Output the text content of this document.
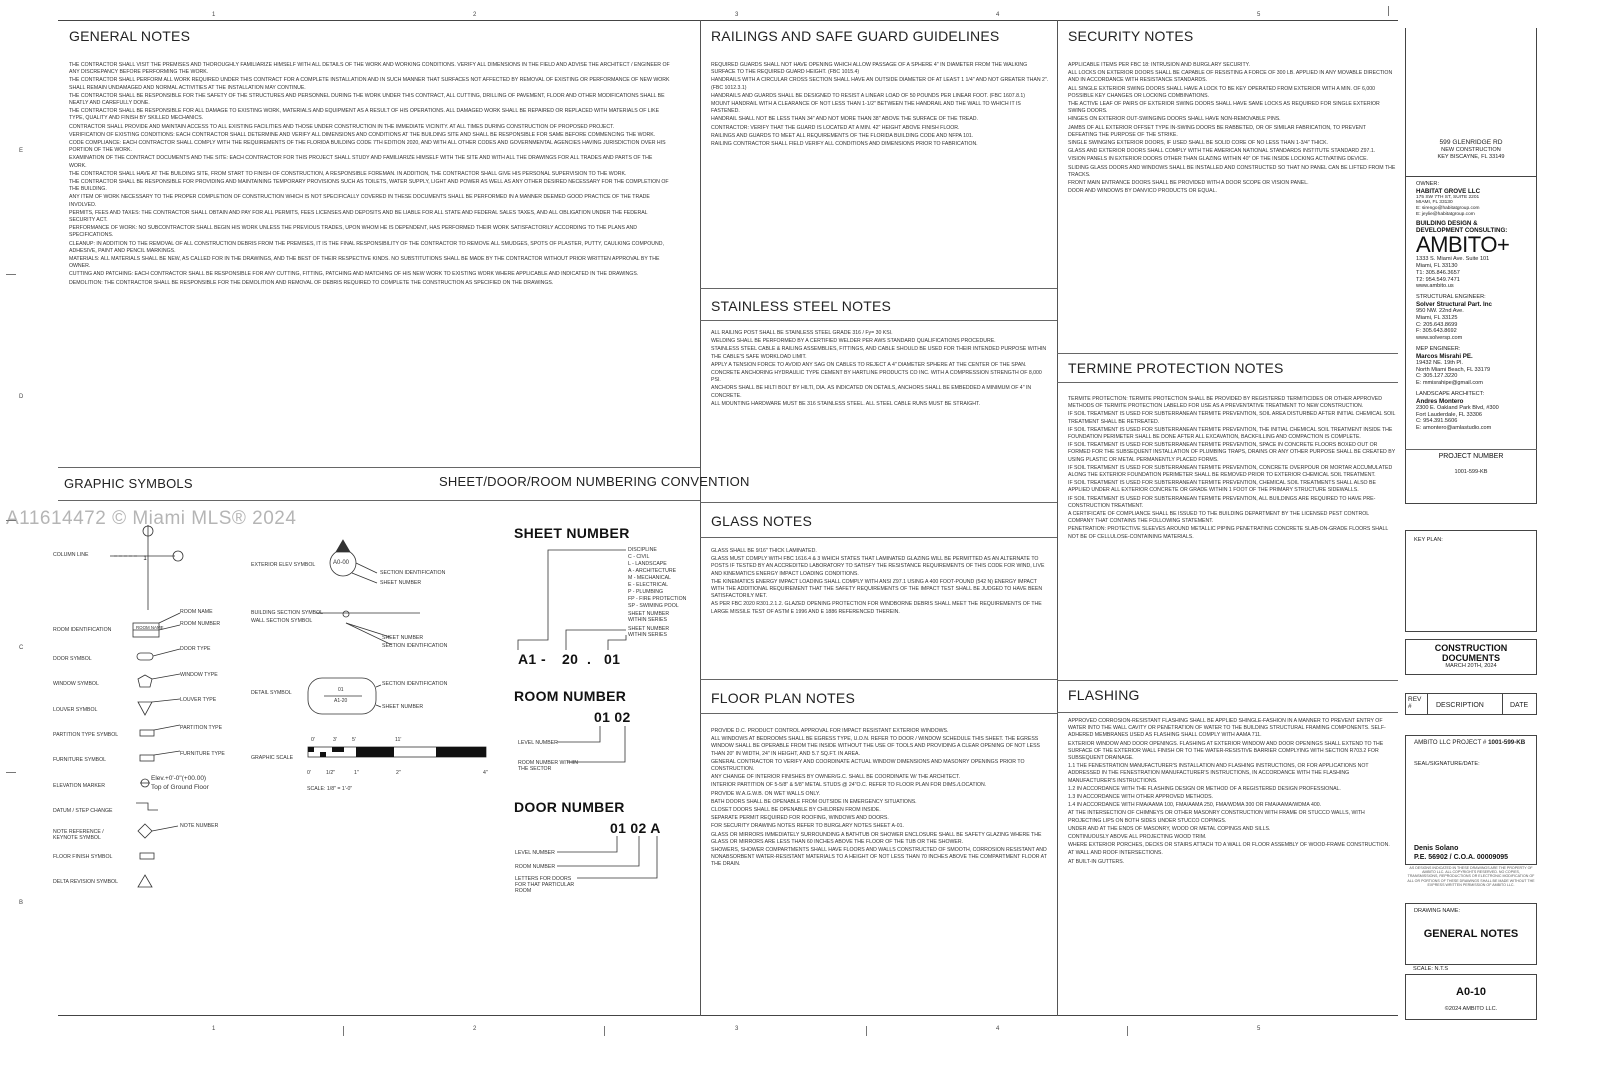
1	2	3	4	5
1	2	3	4	5
E
D
C
B
GENERAL NOTES	RAILINGS AND SAFE GUARD GUIDELINES	SECURITY NOTES
STAINLESS STEEL NOTES
TERMINE PROTECTION NOTES
GLASS NOTES
FLOOR PLAN NOTES	FLASHING
GRAPHIC SYMBOLS	SHEET/DOOR/ROOM NUMBERING CONVENTION

THE CONTRACTOR SHALL VISIT THE PREMISES AND THOROUGHLY FAMILIARIZE HIMSELF WITH ALL DETAILS OF THE WORK AND WORKING CONDITIONS. VERIFY ALL DIMENSIONS IN THE FIELD AND ADVISE THE ARCHITECT / ENGINEER OF ANY DISCREPANCY BEFORE PERFORMING THE WORK.

THE CONTRACTOR SHALL PERFORM ALL WORK REQUIRED UNDER THIS CONTRACT FOR A COMPLETE INSTALLATION AND IN SUCH MANNER THAT SURFACES NOT AFFECTED BY REMOVAL OF EXISTING OR PERFORMANCE OF NEW WORK SHALL REMAIN UNDAMAGED AND NORMAL ACTIVITIES AT THE INSTALLATION MAY CONTINUE.

THE CONTRACTOR SHALL BE RESPONSIBLE FOR THE SAFETY OF THE STRUCTURES AND PERSONNEL DURING THE WORK UNDER THIS CONTRACT, ALL CUTTING, DRILLING OF PAVEMENT, FLOOR AND OTHER MODIFICATIONS SHALL BE NEATLY AND CAREFULLY DONE.

THE CONTRACTOR SHALL BE RESPONSIBLE FOR ALL DAMAGE TO EXISTING WORK, MATERIALS AND EQUIPMENT AS A RESULT OF HIS OPERATIONS. ALL DAMAGED WORK SHALL BE REPAIRED OR REPLACED WITH MATERIALS OF LIKE TYPE, QUALITY AND FINISH BY SKILLED MECHANICS.

CONTRACTOR SHALL PROVIDE AND MAINTAIN ACCESS TO ALL EXISTING FACILITIES AND THOSE UNDER CONSTRUCTION IN THE IMMEDIATE VICINITY. AT ALL TIMES DURING CONSTRUCTION OF PROPOSED PROJECT.

VERIFICATION OF EXISTING CONDITIONS: EACH CONTRACTOR SHALL DETERMINE AND VERIFY ALL DIMENSIONS AND CONDITIONS AT THE BUILDING SITE AND SHALL BE RESPONSIBLE FOR SAME BEFORE COMMENCING THE WORK.

CODE COMPLIANCE: EACH CONTRACTOR SHALL COMPLY WITH THE REQUIREMENTS OF THE FLORIDA BUILDING CODE 7TH EDITION 2020, AND WITH ALL OTHER CODES AND GOVERNMENTAL AGENCIES HAVING JURISDICTION OVER HIS PORTION OF THE WORK.

EXAMINATION OF THE CONTRACT DOCUMENTS AND THE SITE: EACH CONTRACTOR FOR THIS PROJECT SHALL STUDY AND FAMILIARIZE HIMSELF WITH THE SITE AND WITH ALL THE DRAWINGS FOR ALL TRADES AND PARTS OF THE WORK.

THE CONTRACTOR SHALL HAVE AT THE BUILDING SITE, FROM START TO FINISH OF CONSTRUCTION, A RESPONSIBLE FOREMAN. IN ADDITION, THE CONTRACTOR SHALL GIVE HIS PERSONAL SUPERVISION TO THE WORK.

THE CONTRACTOR SHALL BE RESPONSIBLE FOR PROVIDING AND MAINTAINING TEMPORARY PROVISIONS SUCH AS TOILETS, WATER SUPPLY, LIGHT AND POWER AS WELL AS ANY OTHER DESIRED NECESSARY FOR THE COMPLETION OF THE BUILDING.

ANY ITEM OF WORK NECESSARY TO THE PROPER COMPLETION OF CONSTRUCTION WHICH IS NOT SPECIFICALLY COVERED IN THESE DOCUMENTS SHALL BE PERFORMED IN A MANNER DEEMED GOOD PRACTICE OF THE TRADE INVOLVED.

PERMITS, FEES AND TAXES: THE CONTRACTOR SHALL OBTAIN AND PAY FOR ALL PERMITS, FEES LICENSES AND DEPOSITS AND BE LIABLE FOR ALL STATE AND FEDERAL SALES TAXES, AND ALL OBLIGATION UNDER THE FEDERAL SECURITY ACT.

PERFORMANCE OF WORK: NO SUBCONTRACTOR SHALL BEGIN HIS WORK UNLESS THE PREVIOUS TRADES, UPON WHOM HE IS DEPENDENT, HAS PERFORMED THEIR WORK SATISFACTORILY ACCORDING TO THE PLANS AND SPECIFICATIONS.

CLEANUP: IN ADDITION TO THE REMOVAL OF ALL CONSTRUCTION DEBRIS FROM THE PREMISES, IT IS THE FINAL RESPONSIBILITY OF THE CONTRACTOR TO REMOVE ALL SMUDGES, SPOTS OF PLASTER, PUTTY, CAULKING COMPOUND, ADHESIVE, PAINT AND PENCIL MARKINGS.

MATERIALS: ALL MATERIALS SHALL BE NEW, AS CALLED FOR IN THE DRAWINGS, AND THE BEST OF THEIR RESPECTIVE KINDS. NO SUBSTITUTIONS SHALL BE MADE BY THE CONTRACTOR WITHOUT PRIOR WRITTEN APPROVAL BY THE OWNER.

CUTTING AND PATCHING: EACH CONTRACTOR SHALL BE RESPONSIBLE FOR ANY CUTTING, FITTING, PATCHING AND MATCHING OF HIS NEW WORK TO EXISTING WORK WHERE APPLICABLE AND INDICATED IN THE DRAWINGS.

DEMOLITION: THE CONTRACTOR SHALL BE RESPONSIBLE FOR THE DEMOLITION AND REMOVAL OF DEBRIS REQUIRED TO COMPLETE THE CONSTRUCTION AS SPECIFIED ON THE DRAWINGS.

REQUIRED GUARDS SHALL NOT HAVE OPENING WHICH ALLOW PASSAGE OF A SPHERE 4" IN DIAMETER FROM THE WALKING SURFACE TO THE REQUIRED GUARD HEIGHT. (FBC 1015.4)

HANDRAILS WITH A CIRCULAR CROSS SECTION SHALL HAVE AN OUTSIDE DIAMETER OF AT LEAST 1 1/4" AND NOT GREATER THAN 2". (FBC 1012.3.1)

HANDRAILS AND GUARDS SHALL BE DESIGNED TO RESIST A LINEAR LOAD OF 50 POUNDS PER LINEAR FOOT. (FBC 1607.8.1)

MOUNT HANDRAIL WITH A CLEARANCE OF NOT LESS THAN 1-1/2" BETWEEN THE HANDRAIL AND THE WALL TO WHICH IT IS FASTENED.

HANDRAIL SHALL NOT BE LESS THAN 34" AND NOT MORE THAN 38" ABOVE THE SURFACE OF THE TREAD.

CONTRACTOR: VERIFY THAT THE GUARD IS LOCATED AT A MIN. 42" HEIGHT ABOVE FINISH FLOOR.

RAILINGS AND GUARDS TO MEET ALL REQUIREMENTS OF THE FLORIDA BUILDING CODE AND NFPA 101.

RAILING CONTRACTOR SHALL FIELD VERIFY ALL CONDITIONS AND DIMENSIONS PRIOR TO FABRICATION.

APPLICABLE ITEMS PER FBC 18: INTRUSION AND BURGLARY SECURITY.

ALL LOCKS ON EXTERIOR DOORS SHALL BE CAPABLE OF RESISTING A FORCE OF 300 LB. APPLIED IN ANY MOVABLE DIRECTION AND IN ACCORDANCE WITH RESISTANCE STANDARDS.

ALL SINGLE EXTERIOR SWING DOORS SHALL HAVE A LOCK TO BE KEY OPERATED FROM EXTERIOR WITH A MIN. OF 6,000 POSSIBLE KEY CHANGES OR LOCKING COMBINATIONS.

THE ACTIVE LEAF OF PAIRS OF EXTERIOR SWING DOORS SHALL HAVE SAME LOCKS AS REQUIRED FOR SINGLE EXTERIOR SWING DOORS.

HINGES ON EXTERIOR OUT-SWINGING DOORS SHALL HAVE NON-REMOVABLE PINS.

JAMBS OF ALL EXTERIOR OFFSET TYPE IN-SWING DOORS BE RABBETED, OR OF SIMILAR FABRICATION, TO PREVENT DEFEATING THE PURPOSE OF THE STRIKE.

SINGLE SWINGING EXTERIOR DOORS, IF USED SHALL BE SOLID CORE OF NO LESS THAN 1-3/4" THICK.

GLASS AND EXTERIOR DOORS SHALL COMPLY WITH THE AMERICAN NATIONAL STANDARDS INSTITUTE STANDARD Z97.1.

VISION PANELS IN EXTERIOR DOORS OTHER THAN GLAZING WITHIN 40" OF THE INSIDE LOCKING ACTIVATING DEVICE.

SLIDING GLASS DOORS AND WINDOWS SHALL BE INSTALLED AND CONSTRUCTED SO THAT NO PANEL CAN BE LIFTED FROM THE TRACKS.

FRONT MAIN ENTRANCE DOORS SHALL BE PROVIDED WITH A DOOR SCOPE OR VISION PANEL.

DOOR AND WINDOWS BY DANVICO PRODUCTS OR EQUAL.

ALL RAILING POST SHALL BE STAINLESS STEEL GRADE 316 / Fy= 30 KSI.

WELDING SHALL BE PERFORMED BY A CERTIFIED WELDER PER AWS STANDARD QUALIFICATIONS PROCEDURE.

STAINLESS STEEL CABLE & RAILING ASSEMBLIES, FITTINGS, AND CABLE SHOULD BE USED FOR THEIR INTENDED PURPOSE WITHIN THE CABLE'S SAFE WORKLOAD LIMIT.

APPLY A TENSION FORCE TO AVOID ANY SAG ON CABLES TO REJECT A 4" DIAMETER SPHERE AT THE CENTER OF THE SPAN.

CONCRETE ANCHORING HYDRAULIC TYPE CEMENT BY HARTLINE PRODUCTS CO INC. WITH A COMPRESSION STRENGTH OF 8,000 PSI.

ANCHORS SHALL BE HILTI BOLT BY HILTI, DIA. AS INDICATED ON DETAILS, ANCHORS SHALL BE EMBEDDED A MINIMUM OF 4" IN CONCRETE.

ALL MOUNTING HARDWARE MUST BE 316 STAINLESS STEEL. ALL STEEL CABLE RUNS MUST BE STRAIGHT.

TERMITE PROTECTION: TERMITE PROTECTION SHALL BE PROVIDED BY REGISTERED TERMITICIDES OR OTHER APPROVED METHODS OF TERMITE PROTECTION LABELED FOR USE AS A PREVENTATIVE TREATMENT TO NEW CONSTRUCTION.

IF SOIL TREATMENT IS USED FOR SUBTERRANEAN TERMITE PREVENTION, SOIL AREA DISTURBED AFTER INITIAL CHEMICAL SOIL TREATMENT SHALL BE RETREATED.

IF SOIL TREATMENT IS USED FOR SUBTERRANEAN TERMITE PREVENTION, THE INITIAL CHEMICAL SOIL TREATMENT INSIDE THE FOUNDATION PERIMETER SHALL BE DONE AFTER ALL EXCAVATION, BACKFILLING AND COMPACTION IS COMPLETE.

IF SOIL TREATMENT IS USED FOR SUBTERRANEAN TERMITE PREVENTION, SPACE IN CONCRETE FLOORS BOXED OUT OR FORMED FOR THE SUBSEQUENT INSTALLATION OF PLUMBING TRAPS, DRAINS OR ANY OTHER PURPOSE SHALL BE CREATED BY USING PLASTIC OR METAL PERMANENTLY PLACED FORMS.

IF SOIL TREATMENT IS USED FOR SUBTERRANEAN TERMITE PREVENTION, CONCRETE OVERPOUR OR MORTAR ACCUMULATED ALONG THE EXTERIOR FOUNDATION PERIMETER SHALL BE REMOVED PRIOR TO EXTERIOR CHEMICAL SOIL TREATMENT.

IF SOIL TREATMENT IS USED FOR SUBTERRANEAN TERMITE PREVENTION, CHEMICAL SOIL TREATMENTS SHALL ALSO BE APPLIED UNDER ALL EXTERIOR CONCRETE OR GRADE WITHIN 1 FOOT OF THE PRIMARY STRUCTURE SIDEWALLS.

IF SOIL TREATMENT IS USED FOR SUBTERRANEAN TERMITE PREVENTION, ALL BUILDINGS ARE REQUIRED TO HAVE PRE-CONSTRUCTION TREATMENT.

A CERTIFICATE OF COMPLIANCE SHALL BE ISSUED TO THE BUILDING DEPARTMENT BY THE LICENSED PEST CONTROL COMPANY THAT CONTAINS THE FOLLOWING STATEMENT.

PENETRATION: PROTECTIVE SLEEVES AROUND METALLIC PIPING PENETRATING CONCRETE SLAB-ON-GRADE FLOORS SHALL NOT BE OF CELLULOSE-CONTAINING MATERIALS.

GLASS SHALL BE 9/16" THICK LAMINATED.

GLASS MUST COMPLY WITH FBC 1616.4 & 3 WHICH STATES THAT LAMINATED GLAZING WILL BE PERMITTED AS AN ALTERNATE TO POSTS IF TESTED BY AN ACCREDITED LABORATORY TO SATISFY THE RESISTANCE REQUIREMENTS OF THIS CODE FOR WIND, LIVE AND KINEMATICS ENERGY IMPACT LOADING CONDITIONS.

THE KINEMATICS ENERGY IMPACT LOADING SHALL COMPLY WITH ANSI Z97.1 USING A 400 FOOT-POUND (542 N) ENERGY IMPACT WITH THE ADDITIONAL REQUIREMENT THAT THE SAFETY REQUIREMENTS OF THE IMPACT TEST SHALL BE JUDGED TO HAVE BEEN SATISFACTORILY MET.

AS PER FBC 2020 R301.2.1.2. GLAZED OPENING PROTECTION FOR WINDBORNE DEBRIS SHALL MEET THE REQUIREMENTS OF THE LARGE MISSILE TEST OF ASTM E 1996 AND E 1886 REFERENCED THEREIN.

PROVIDE D.C. PRODUCT CONTROL APPROVAL FOR IMPACT RESISTANT EXTERIOR WINDOWS.

ALL WINDOWS AT BEDROOMS SHALL BE EGRESS TYPE, U.O.N. REFER TO DOOR / WINDOW SCHEDULE THIS SHEET. THE EGRESS WINDOW SHALL BE OPERABLE FROM THE INSIDE WITHOUT THE USE OF TOOLS AND PROVIDING A CLEAR OPENING OF NOT LESS THAN 20" IN WIDTH, 24" IN HEIGHT, AND 5.7 SQ.FT. IN AREA.

GENERAL CONTRACTOR TO VERIFY AND COORDINATE ACTUAL WINDOW DIMENSIONS AND MASONRY OPENINGS PRIOR TO CONSTRUCTION.

ANY CHANGE OF INTERIOR FINISHES BY OWNER/G.C. SHALL BE COORDINATE W/ THE ARCHITECT.

INTERIOR PARTITION OF 5-5/8" & 5/8" METAL STUDS @ 24"O.C. REFER TO FLOOR PLAN FOR DIMS./LOCATION.

PROVIDE W.A.G.W.B. ON WET WALLS ONLY.

BATH DOORS SHALL BE OPENABLE FROM OUTSIDE IN EMERGENCY SITUATIONS.

CLOSET DOORS SHALL BE OPENABLE BY CHILDREN FROM INSIDE.

SEPARATE PERMIT REQUIRED FOR ROOFING, WINDOWS AND DOORS.

FOR SECURITY DRAWING NOTES REFER TO BURGLARY NOTES SHEET A-01.

GLASS OR MIRRORS IMMEDIATELY SURROUNDING A BATHTUB OR SHOWER ENCLOSURE SHALL BE SAFETY GLAZING WHERE THE GLASS OR MIRRORS ARE LESS THAN 60 INCHES ABOVE THE FLOOR OF THE TUB OR THE SHOWER.

SHOWERS, SHOWER COMPARTMENTS SHALL HAVE FLOORS AND WALLS CONSTRUCTED OF SMOOTH, CORROSION RESISTANT AND NONABSORBENT WATER-RESISTANT MATERIALS TO A HEIGHT OF NOT LESS THAN 70 INCHES ABOVE THE COMPARTMENT FLOOR AT THE DRAIN.

APPROVED CORROSION-RESISTANT FLASHING SHALL BE APPLIED SHINGLE-FASHION IN A MANNER TO PREVENT ENTRY OF WATER INTO THE WALL CAVITY OR PENETRATION OF WATER TO THE BUILDING STRUCTURAL FRAMING COMPONENTS. SELF-ADHERED MEMBRANES USED AS FLASHING SHALL COMPLY WITH AAMA 711.

EXTERIOR WINDOW AND DOOR OPENINGS. FLASHING AT EXTERIOR WINDOW AND DOOR OPENINGS SHALL EXTEND TO THE SURFACE OF THE EXTERIOR WALL FINISH OR TO THE WATER-RESISTIVE BARRIER COMPLYING WITH SECTION R703.2 FOR SUBSEQUENT DRAINAGE.

1.1 THE FENESTRATION MANUFACTURER'S INSTALLATION AND FLASHING INSTRUCTIONS, OR FOR APPLICATIONS NOT ADDRESSED IN THE FENESTRATION MANUFACTURER'S INSTRUCTIONS, IN ACCORDANCE WITH THE FLASHING MANUFACTURER'S INSTRUCTIONS.

1.2 IN ACCORDANCE WITH THE FLASHING DESIGN OR METHOD OF A REGISTERED DESIGN PROFESSIONAL.

1.3 IN ACCORDANCE WITH OTHER APPROVED METHODS.

1.4 IN ACCORDANCE WITH FMA/AAMA 100, FMA/AAMA 250, FMA/WDMA 300 OR FMA/AAMA/WDMA 400.

AT THE INTERSECTION OF CHIMNEYS OR OTHER MASONRY CONSTRUCTION WITH FRAME OR STUCCO WALLS, WITH PROJECTING LIPS ON BOTH SIDES UNDER STUCCO COPINGS.

UNDER AND AT THE ENDS OF MASONRY, WOOD OR METAL COPINGS AND SILLS.

CONTINUOUSLY ABOVE ALL PROJECTING WOOD TRIM.

WHERE EXTERIOR PORCHES, DECKS OR STAIRS ATTACH TO A WALL OR FLOOR ASSEMBLY OF WOOD-FRAME CONSTRUCTION.

AT WALL AND ROOF INTERSECTIONS.

AT BUILT-IN GUTTERS.

A11614472 © Miami MLS® 2024
COLUMN LINE
ROOM IDENTIFICATION
DOOR SYMBOL
WINDOW SYMBOL
LOUVER SYMBOL
PARTITION TYPE SYMBOL
FURNITURE SYMBOL
ELEVATION MARKER
DATUM / STEP CHANGE
NOTE REFERENCE / KEYNOTE SYMBOL
FLOOR FINISH SYMBOL
DELTA REVISION SYMBOL
1
ROOM NAME
ROOM NUMBER
ROOM NAME
DOOR TYPE
WINDOW TYPE
LOUVER TYPE
PARTITION TYPE
FURNITURE TYPE
Elev.+0'-0"(+00.00)
Top of Ground Floor
NOTE NUMBER
EXTERIOR ELEV SYMBOL	A0-00
SECTION IDENTIFICATION
SHEET NUMBER
BUILDING SECTION SYMBOL
WALL SECTION SYMBOL
SHEET NUMBER
SECTION IDENTIFICATION
DETAIL SYMBOL	01
A1-20
SECTION IDENTIFICATION
SHEET NUMBER
GRAPHIC SCALE
0'	3'	5'	11'
0'	1/2"	1"	2"	4"
SCALE: 1/8" = 1'-0"
SHEET NUMBER
DISCIPLINE
C - CIVIL
L - LANDSCAPE
A - ARCHITECTURE
M - MECHANICAL
E - ELECTRICAL
P - PLUMBING
FP - FIRE PROTECTION
SP - SWIMING POOL
SHEET NUMBER WITHIN SERIES
SHEET NUMBER WITHIN SERIES
A1 - 20 . 01
ROOM NUMBER
01 02
LEVEL NUMBER
ROOM NUMBER WITHIN THE SECTOR
DOOR NUMBER
01 02 A
LEVEL NUMBER
ROOM NUMBER
LETTERS FOR DOORS FOR THAT PARTICULAR ROOM
599 GLENRIDGE RD
NEW CONSTRUCTION
KEY BISCAYNE, FL 33149
OWNER:
HABITAT GROVE LLC
175 SW 7TH ST, SUITE 2201
MIAMI, FL 33130
E: sirengo@habitatgroup.com
E: jeylie@habitatgroup.com
BUILDING DESIGN & DEVELOPMENT CONSULTING:
AMBITO+
1333 S. Miami Ave. Suite 101
Miami, FL 33130
T1: 305.846.3657
T2: 954.549.7471
www.ambito.us
STRUCTURAL ENGINEER:
Solver Structural Part. Inc
950 NW. 22nd Ave.
Miami, FL 33125
C: 205.643.8699
F: 305.643.8692
www.solversp.com
MEP ENGINEER:
Marcos Misrahi PE.
19432 NE. 19th Pl.
North Miami Beach, FL 33179
C: 305.127.3220
E: mmisrahipe@gmail.com
LANDSCAPE ARCHITECT:
Andres Montero
2300 E. Oakland Park Blvd, #300
Fort Lauderdale, FL 33306
C: 954.391.5606
E: amontero@amlastudio.com
PROJECT NUMBER
1001-599-KB
KEY PLAN:
CONSTRUCTION DOCUMENTS
MARCH 20TH, 2024
REV #	DESCRIPTION	DATE
AMBITO LLC PROJECT # 1001-599-KB
SEAL/SIGNATURE/DATE:
Denis Solano
P.E. 56902 / C.O.A. 00009095
AS DESIGNS INDICATED IN THESE DRAWINGS ARE THE PROPERTY OF AMBITO LLC. ALL COPYRIGHTS RESERVED. NO COPIES, TRANSMISSIONS, REPRODUCTIONS OR ELECTRONIC MODIFICATION OF ALL OR PORTIONS OF THESE DRAWINGS SHALL BE MADE WITHOUT THE EXPRESS WRITTEN PERMISSION OF AMBITO LLC.
DRAWING NAME:
GENERAL NOTES
SCALE: N.T.S
A0-10
©2024 AMBITO LLC.
